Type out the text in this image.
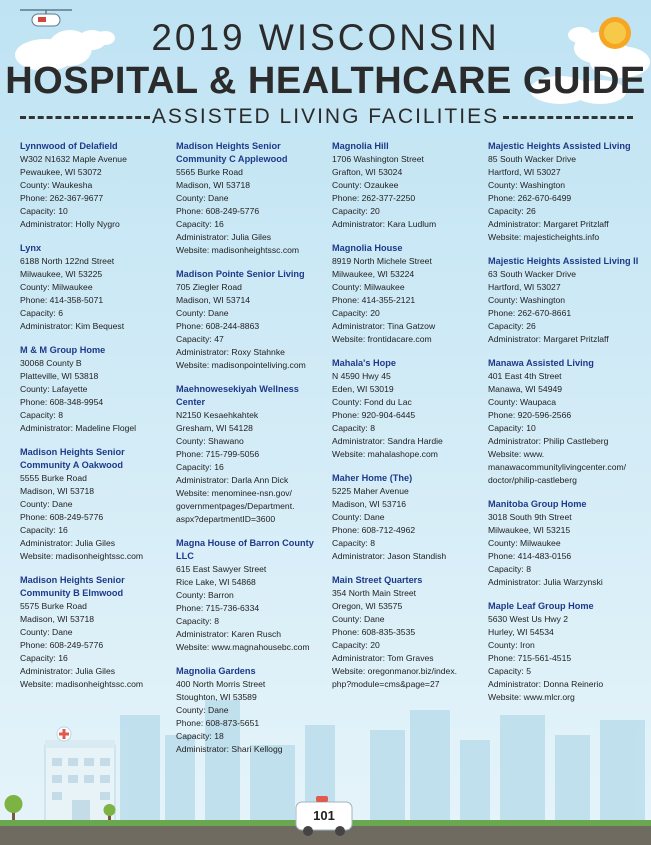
101
2019 WISCONSIN
HOSPITAL & HEALTHCARE GUIDE
ASSISTED LIVING FACILITIES
Lynnwood of Delafield
W302 N1632 Maple Avenue
Pewaukee, WI 53072
County: Waukesha
Phone: 262-367-9677
Capacity: 10
Administrator: Holly Nygro
Lynx
6188 North 122nd Street
Milwaukee, WI 53225
County: Milwaukee
Phone: 414-358-5071
Capacity: 6
Administrator: Kim Bequest
M & M Group Home
30068 County B
Platteville, WI 53818
County: Lafayette
Phone: 608-348-9954
Capacity: 8
Administrator: Madeline Flogel
Madison Heights Senior
Community A Oakwood
5555 Burke Road
Madison, WI 53718
County: Dane
Phone: 608-249-5776
Capacity: 16
Administrator: Julia Giles
Website: madisonheightssc.com
Madison Heights Senior
Community B Elmwood
5575 Burke Road
Madison, WI 53718
County: Dane
Phone: 608-249-5776
Capacity: 16
Administrator: Julia Giles
Website: madisonheightssc.com
Madison Heights Senior
Community C Applewood
5565 Burke Road
Madison, WI 53718
County: Dane
Phone: 608-249-5776
Capacity: 16
Administrator: Julia Giles
Website: madisonheightssc.com
Madison Pointe Senior Living
705 Ziegler Road
Madison, WI 53714
County: Dane
Phone: 608-244-8863
Capacity: 47
Administrator: Roxy Stahnke
Website: madisonpointeliving.com
Maehnowesekiyah Wellness Center
N2150 Kesaehkahtek
Gresham, WI 54128
County: Shawano
Phone: 715-799-5056
Capacity: 16
Administrator: Darla Ann Dick
Website: menominee-nsn.gov/
governmentpages/Department.
aspx?departmentID=3600
Magna House of Barron County LLC
615 East Sawyer Street
Rice Lake, WI 54868
County: Barron
Phone: 715-736-6334
Capacity: 8
Administrator: Karen Rusch
Website: www.magnahousebc.com
Magnolia Gardens
400 North Morris Street
Stoughton, WI 53589
County: Dane
Phone: 608-873-5651
Capacity: 18
Administrator: Shari Kellogg
Magnolia Hill
1706 Washington Street
Grafton, WI 53024
County: Ozaukee
Phone: 262-377-2250
Capacity: 20
Administrator: Kara Ludlum
Magnolia House
8919 North Michele Street
Milwaukee, WI 53224
County: Milwaukee
Phone: 414-355-2121
Capacity: 20
Administrator: Tina Gatzow
Website: frontidacare.com
Mahala's Hope
N 4590 Hwy 45
Eden, WI 53019
County: Fond du Lac
Phone: 920-904-6445
Capacity: 8
Administrator: Sandra Hardie
Website: mahalashope.com
Maher Home (The)
5225 Maher Avenue
Madison, WI 53716
County: Dane
Phone: 608-712-4962
Capacity: 8
Administrator: Jason Standish
Main Street Quarters
354 North Main Street
Oregon, WI 53575
County: Dane
Phone: 608-835-3535
Capacity: 20
Administrator: Tom Graves
Website: oregonmanor.biz/index.
php?module=cms&page=27
Majestic Heights Assisted Living
85 South Wacker Drive
Hartford, WI 53027
County: Washington
Phone: 262-670-6499
Capacity: 26
Administrator: Margaret Pritzlaff
Website: majesticheights.info
Majestic Heights Assisted Living II
63 South Wacker Drive
Hartford, WI 53027
County: Washington
Phone: 262-670-8661
Capacity: 26
Administrator: Margaret Pritzlaff
Manawa Assisted Living
401 East 4th Street
Manawa, WI 54949
County: Waupaca
Phone: 920-596-2566
Capacity: 10
Administrator: Philip Castleberg
Website: www.
manawacommunitylivingcenter.com/
doctor/philip-castleberg
Manitoba Group Home
3018 South 9th Street
Milwaukee, WI 53215
County: Milwaukee
Phone: 414-483-0156
Capacity: 8
Administrator: Julia Warzynski
Maple Leaf Group Home
5630 West Us Hwy 2
Hurley, WI 54534
County: Iron
Phone: 715-561-4515
Capacity: 5
Administrator: Donna Reinerio
Website: www.mlcr.org
